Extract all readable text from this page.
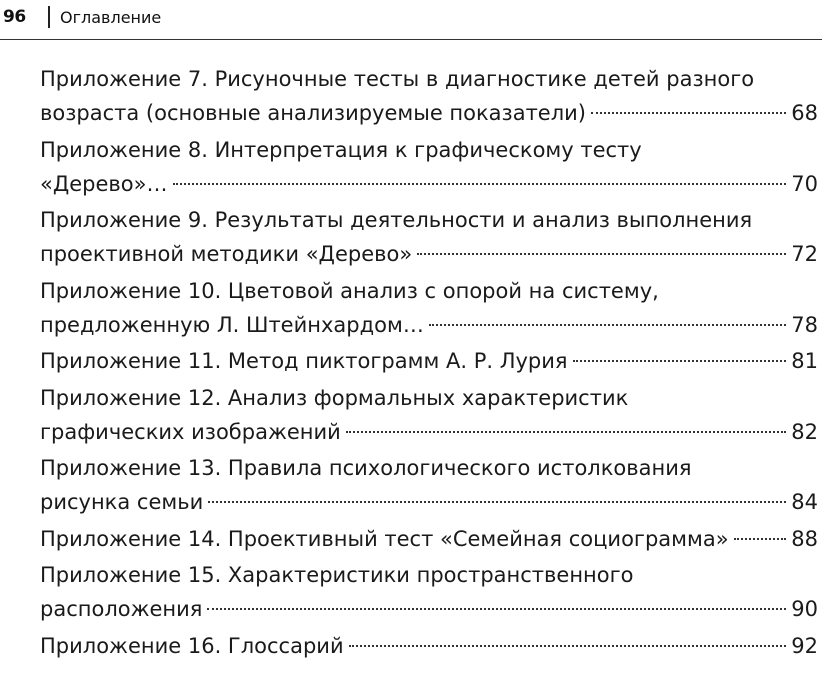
96 Оглавление
Приложение 7. Рисуночные тесты в диагностике детей разного
возраста (основные анализируемые показатели)	68
Приложение 8. Интерпретация к графическому тесту
«Дерево»…	70
Приложение 9. Результаты деятельности и анализ выполнения
проективной методики «Дерево»	72
Приложение 10. Цветовой анализ с опорой на систему,
предложенную Л. Штейнхардом…	78
Приложение 11. Метод пиктограмм А. Р. Лурия	81
Приложение 12. Анализ формальных характеристик
графических изображений	82
Приложение 13. Правила психологического истолкования
рисунка семьи	84
Приложение 14. Проективный тест «Семейная социограмма»	88
Приложение 15. Характеристики пространственного
расположения	90
Приложение 16. Глоссарий	92
